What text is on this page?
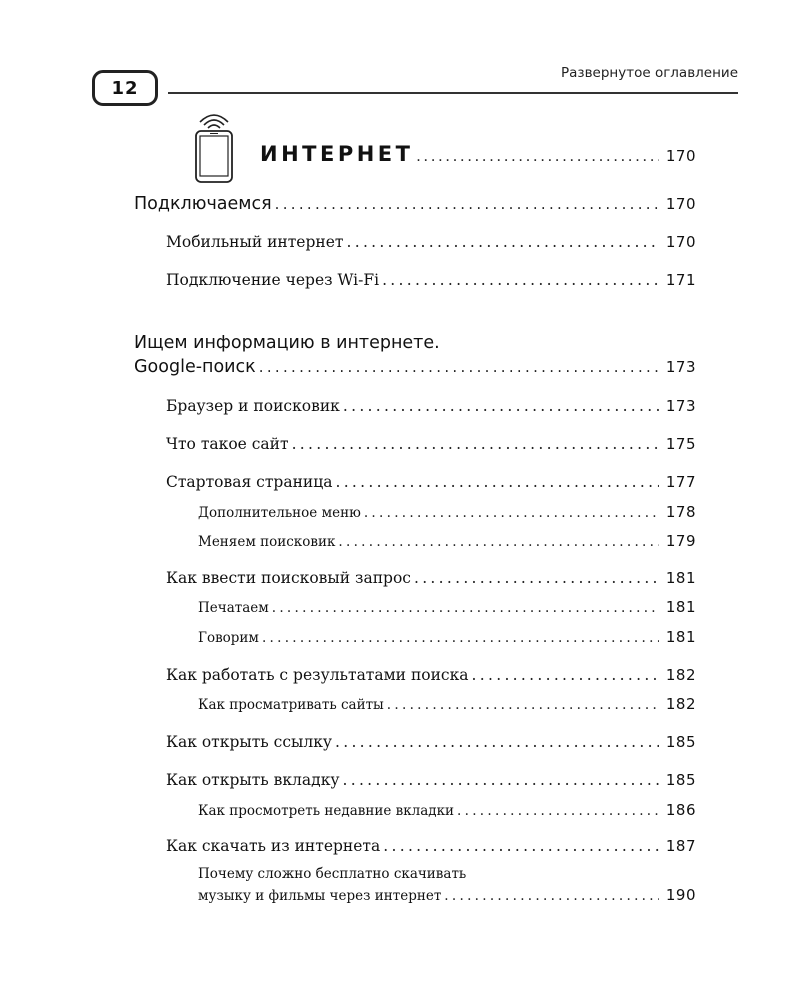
12
Развернутое оглавление
ИНТЕРНЕТ .....	170
Подключаемся .....	170
Мобильный интернет .....	170
Подключение через Wi-Fi .....	171
Ищем информацию в интернете.
Google-поиск .....	173
Браузер и поисковик .....	173
Что такое сайт .....	175
Стартовая страница .....	177
Дополнительное меню .....	178
Меняем поисковик .....	179
Как ввести поисковый запрос .....	181
Печатаем .....	181
Говорим .....	181
Как работать с результатами поиска .....	182
Как просматривать сайты .....	182
Как открыть ссылку .....	185
Как открыть вкладку .....	185
Как просмотреть недавние вкладки .....	186
Как скачать из интернета .....	187
Почему сложно бесплатно скачивать
музыку и фильмы через интернет .....	190
